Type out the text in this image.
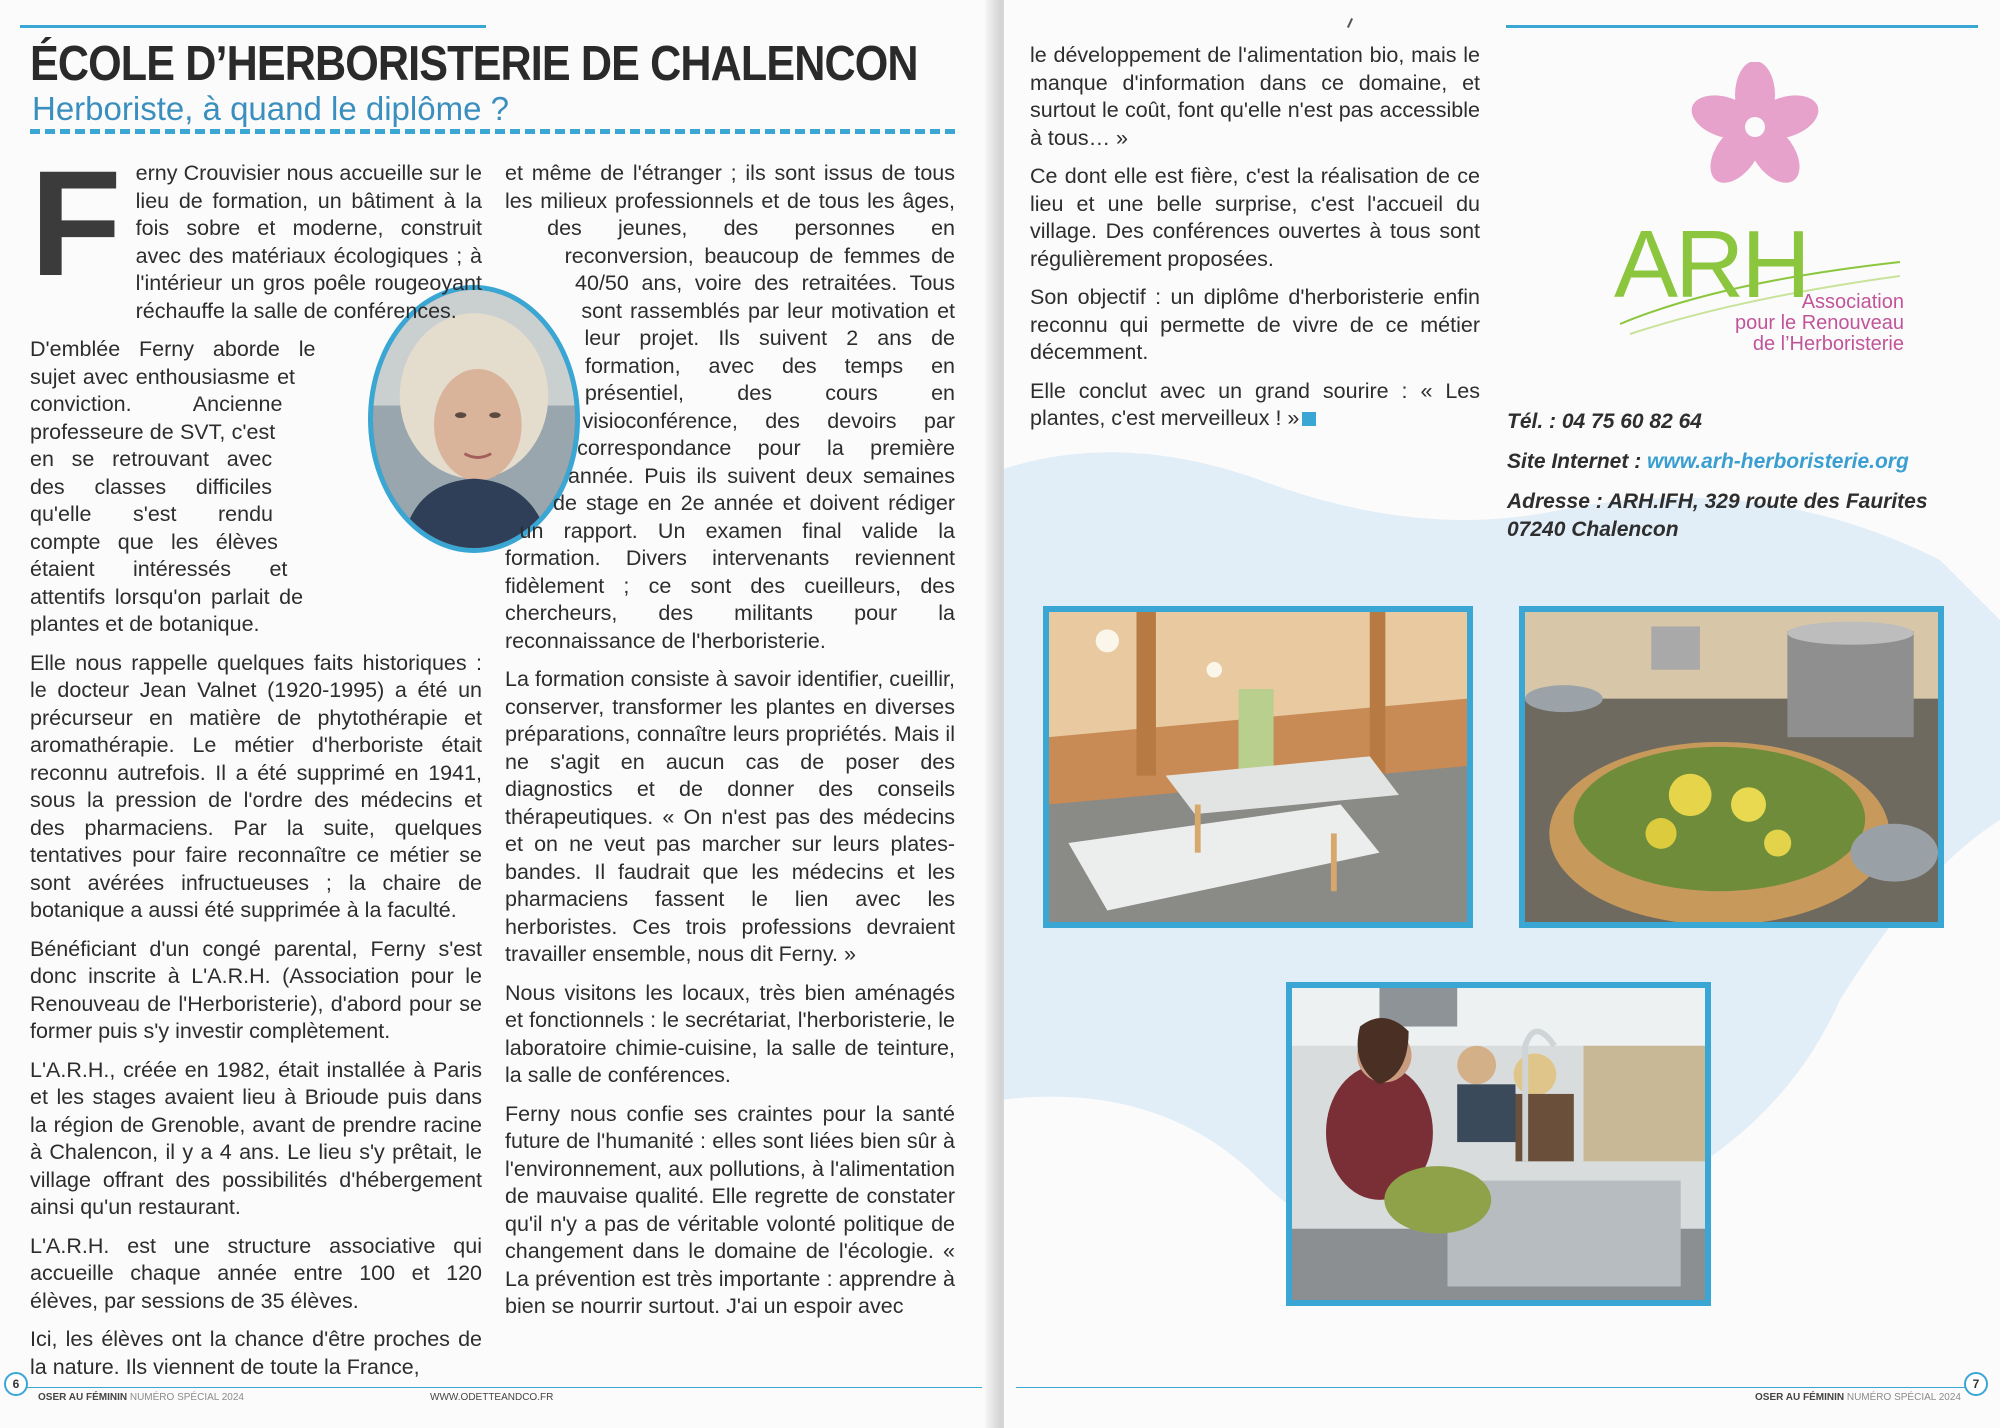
ÉCOLE D’HERBORISTERIE DE CHALENCON
Herboriste, à quand le diplôme ?
F erny Crouvisier nous accueille sur le lieu de formation, un bâtiment à la fois sobre et moderne, construit avec des matériaux écologiques ; à l'intérieur un gros poêle rougeoyant réchauffe la salle de conférences.

D'emblée Ferny aborde le sujet avec enthousiasme et conviction. Ancienne professeure de SVT, c'est en se retrouvant avec des classes difficiles qu'elle s'est rendu compte que les élèves étaient intéressés et attentifs lorsqu'on parlait de plantes et de botanique.

Elle nous rappelle quelques faits historiques : le docteur Jean Valnet (1920-1995) a été un précurseur en matière de phytothérapie et aromathérapie. Le métier d'herboriste était reconnu autrefois. Il a été supprimé en 1941, sous la pression de l'ordre des médecins et des pharmaciens. Par la suite, quelques tentatives pour faire reconnaître ce métier se sont avérées infructueuses ; la chaire de botanique a aussi été supprimée à la faculté.

Bénéficiant d'un congé parental, Ferny s'est donc inscrite à L'A.R.H. (Association pour le Renouveau de l'Herboristerie), d'abord pour se former puis s'y investir complètement.

L'A.R.H., créée en 1982, était installée à Paris et les stages avaient lieu à Brioude puis dans la région de Grenoble, avant de prendre racine à Chalencon, il y a 4 ans. Le lieu s'y prêtait, le village offrant des possibilités d'hébergement ainsi qu'un restaurant.

L'A.R.H. est une structure associative qui accueille chaque année entre 100 et 120 élèves, par sessions de 35 élèves.

Ici, les élèves ont la chance d'être proches de la nature. Ils viennent de toute la France,

et même de l'étranger ; ils sont issus de tous les milieux professionnels et de tous les âges, des jeunes, des personnes en reconversion, beaucoup de femmes de 40/50 ans, voire des retraitées. Tous sont rassemblés par leur motivation et leur projet. Ils suivent 2 ans de formation, avec des temps en présentiel, des cours en visioconférence, des devoirs par correspondance pour la première année. Puis ils suivent deux semaines de stage en 2e année et doivent rédiger un rapport. Un examen final valide la formation. Divers intervenants reviennent fidèlement ; ce sont des cueilleurs, des chercheurs, des militants pour la reconnaissance de l'herboristerie.

La formation consiste à savoir identifier, cueillir, conserver, transformer les plantes en diverses préparations, connaître leurs propriétés. Mais il ne s'agit en aucun cas de poser des diagnostics et de donner des conseils thérapeutiques. « On n'est pas des médecins et on ne veut pas marcher sur leurs plates-bandes. Il faudrait que les médecins et les pharmaciens fassent le lien avec les herboristes. Ces trois professions devraient travailler ensemble, nous dit Ferny. »

Nous visitons les locaux, très bien aménagés et fonctionnels : le secrétariat, l'herboristerie, le laboratoire chimie-cuisine, la salle de teinture, la salle de conférences.

Ferny nous confie ses craintes pour la santé future de l'humanité : elles sont liées bien sûr à l'environnement, aux pollutions, à l'alimentation de mauvaise qualité. Elle regrette de constater qu'il n'y a pas de véritable volonté politique de changement dans le domaine de l'écologie. « La prévention est très importante : apprendre à bien se nourrir surtout. J'ai un espoir avec

6
OSER AU FÉMININ NUMÉRO SPÉCIAL 2024	WWW.ODETTEANDCO.FR

le développement de l'alimentation bio, mais le manque d'information dans ce domaine, et surtout le coût, font qu'elle n'est pas accessible à tous… »

Ce dont elle est fière, c'est la réalisation de ce lieu et une belle surprise, c'est l'accueil du village. Des conférences ouvertes à tous sont régulièrement proposées.

Son objectif : un diplôme d'herboristerie enfin reconnu qui permette de vivre de ce métier décemment.

Elle conclut avec un grand sourire : « Les plantes, c'est merveilleux ! »

ARH
Association
pour le Renouveau
de l’Herboristerie
Tél. : 04 75 60 82 64
Site Internet : www.arh-herboristerie.org
Adresse : ARH.IFH, 329 route des Faurites
07240 Chalencon
OSER AU FÉMININ NUMÉRO SPÉCIAL 2024
7
